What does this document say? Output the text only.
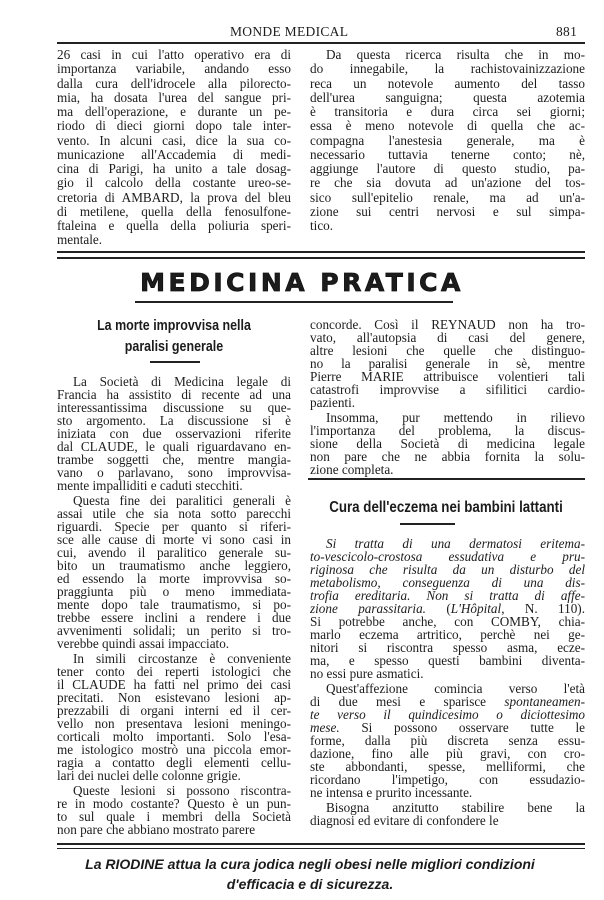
MONDE MEDICAL	881
26 casi in cui l'atto operativo era di
importanza variabile, andando esso
dalla cura dell'idrocele alla pilorecto-
mia, ha dosata l'urea del sangue pri-
ma dell'operazione, e durante un pe-
riodo di dieci giorni dopo tale inter-
vento. In alcuni casi, dice la sua co-
municazione all'Accademia di medi-
cina di Parigi, ha unito a tale dosag-
gio il calcolo della costante ureo-se-
cretoria di AMBARD, la prova del bleu
di metilene, quella della fenosulfone-
ftaleina e quella della poliuria speri-
mentale.
Da questa ricerca risulta che in mo-
do innegabile, la rachistovainizzazione
reca un notevole aumento del tasso
dell'urea sanguigna; questa azotemia
è transitoria e dura circa sei giorni;
essa è meno notevole di quella che ac-
compagna l'anestesia generale, ma è
necessario tuttavia tenerne conto; nè,
aggiunge l'autore di questo studio, pa-
re che sia dovuta ad un'azione del tos-
sico sull'epitelio renale, ma ad un'a-
zione sui centri nervosi e sul simpa-
tico.
MEDICINA PRATICA
La morte improvvisa nella
paralisi generale
La Società di Medicina legale di
Francia ha assistito di recente ad una
interessantissima discussione su que-
sto argomento. La discussione si è
iniziata con due osservazioni riferite
dal CLAUDE, le quali riguardavano en-
trambe soggetti che, mentre mangia-
vano o parlavano, sono improvvisa-
mente impalliditi e caduti stecchiti.
Questa fine dei paralitici generali è
assai utile che sia nota sotto parecchi
riguardi. Specie per quanto si riferi-
sce alle cause di morte vi sono casi in
cui, avendo il paralitico generale su-
bito un traumatismo anche leggiero,
ed essendo la morte improvvisa so-
praggiunta più o meno immediata-
mente dopo tale traumatismo, si po-
trebbe essere inclini a rendere i due
avvenimenti solidali; un perito si tro-
verebbe quindi assai impacciato.
In simili circostanze è conveniente
tener conto dei reperti istologici che
il CLAUDE ha fatti nel primo dei casi
precitati. Non esistevano lesioni ap-
prezzabili di organi interni ed il cer-
vello non presentava lesioni meningo-
corticali molto importanti. Solo l'esa-
me istologico mostrò una piccola emor-
ragia a contatto degli elementi cellu-
lari dei nuclei delle colonne grigie.
Queste lesioni si possono riscontra-
re in modo costante? Questo è un pun-
to sul quale i membri della Società
non pare che abbiano mostrato parere
concorde. Così il REYNAUD non ha tro-
vato, all'autopsia di casi del genere,
altre lesioni che quelle che distinguo-
no la paralisi generale in sè, mentre
Pierre MARIE attribuisce volentieri tali
catastrofi improvvise a sifilitici cardio-
pazienti.
Insomma, pur mettendo in rilievo
l'importanza del problema, la discus-
sione della Società di medicina legale
non pare che ne abbia fornita la solu-
zione completa.
Cura dell'eczema nei bambini lattanti
Si tratta di una dermatosi eritema-
to-vescicolo-crostosa essudativa e pru-
riginosa che risulta da un disturbo del
metabolismo, conseguenza di una dis-
trofia ereditaria. Non si tratta di affe-
zione parassitaria. (L'Hôpital, N. 110).
Si potrebbe anche, con COMBY, chia-
marlo eczema artritico, perchè nei ge-
nitori si riscontra spesso asma, ecze-
ma, e spesso questi bambini diventa-
no essi pure asmatici.
Quest'affezione comincia verso l'età
di due mesi e sparisce spontaneamen-
te verso il quindicesimo o diciottesimo
mese. Si possono osservare tutte le
forme, dalla più discreta senza essu-
dazione, fino alle più gravi, con cro-
ste abbondanti, spesse, melliformi, che
ricordano l'impetigo, con essudazio-
ne intensa e prurito incessante.
Bisogna anzitutto stabilire bene la
diagnosi ed evitare di confondere le
La RIODINE attua la cura jodica negli obesi nelle migliori condizioni
d'efficacia e di sicurezza.
